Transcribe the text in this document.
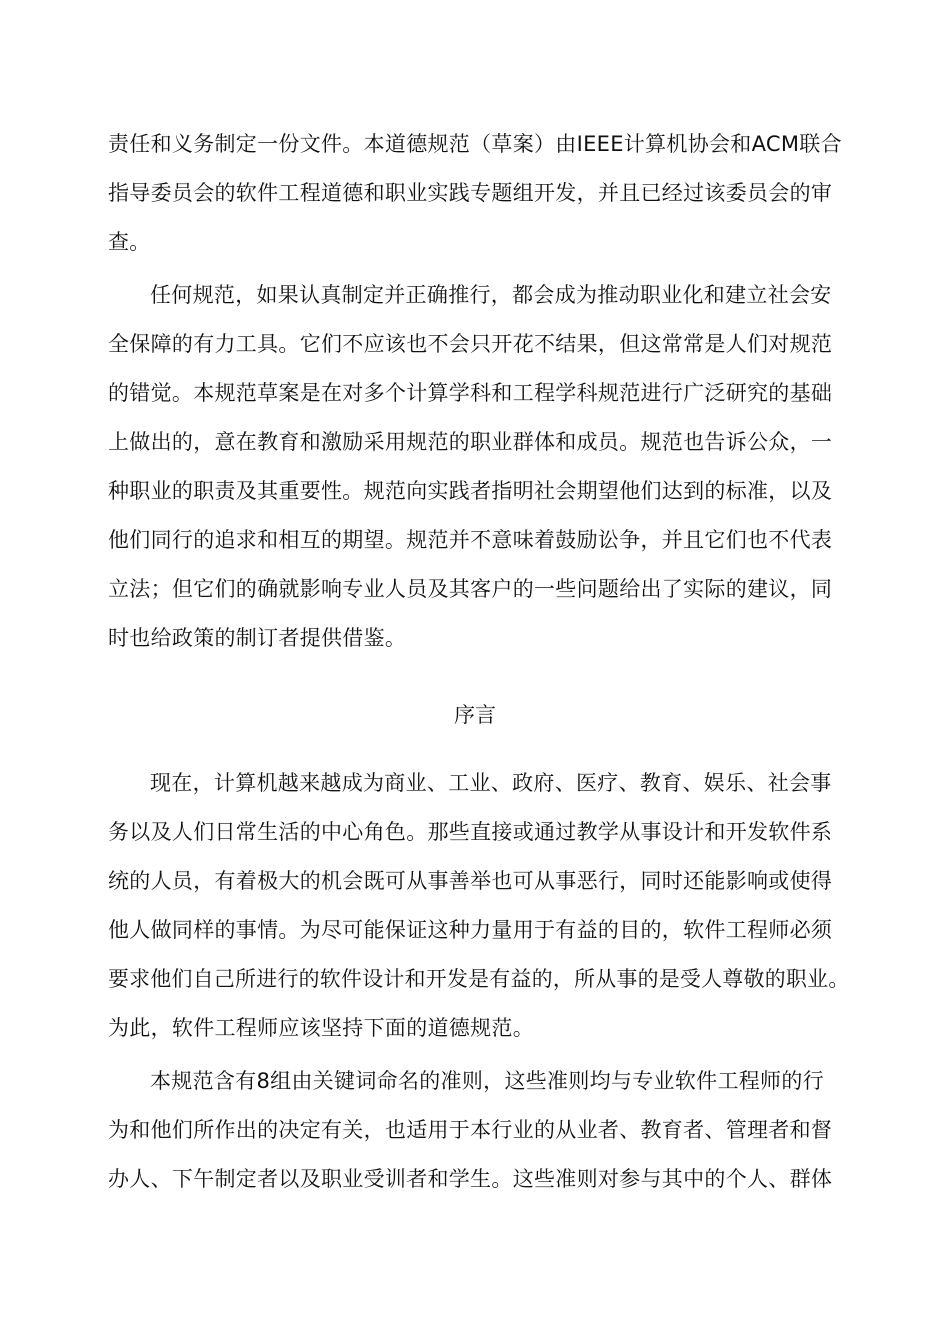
责任和义务制定一份文件。本道德规范（草案）由IEEE计算机协会和ACM联合
指导委员会的软件工程道德和职业实践专题组开发，并且已经过该委员会的审
查。
任何规范，如果认真制定并正确推行，都会成为推动职业化和建立社会安
全保障的有力工具。它们不应该也不会只开花不结果，但这常常是人们对规范
的错觉。本规范草案是在对多个计算学科和工程学科规范进行广泛研究的基础
上做出的，意在教育和激励采用规范的职业群体和成员。规范也告诉公众，一
种职业的职责及其重要性。规范向实践者指明社会期望他们达到的标准，以及
他们同行的追求和相互的期望。规范并不意味着鼓励讼争，并且它们也不代表
立法；但它们的确就影响专业人员及其客户的一些问题给出了实际的建议，同
时也给政策的制订者提供借鉴。
序言
现在，计算机越来越成为商业、工业、政府、医疗、教育、娱乐、社会事
务以及人们日常生活的中心角色。那些直接或通过教学从事设计和开发软件系
统的人员，有着极大的机会既可从事善举也可从事恶行，同时还能影响或使得
他人做同样的事情。为尽可能保证这种力量用于有益的目的，软件工程师必须
要求他们自己所进行的软件设计和开发是有益的，所从事的是受人尊敬的职业。
为此，软件工程师应该坚持下面的道德规范。
本规范含有8组由关键词命名的准则，这些准则均与专业软件工程师的行
为和他们所作出的决定有关，也适用于本行业的从业者、教育者、管理者和督
办人、下午制定者以及职业受训者和学生。这些准则对参与其中的个人、群体
